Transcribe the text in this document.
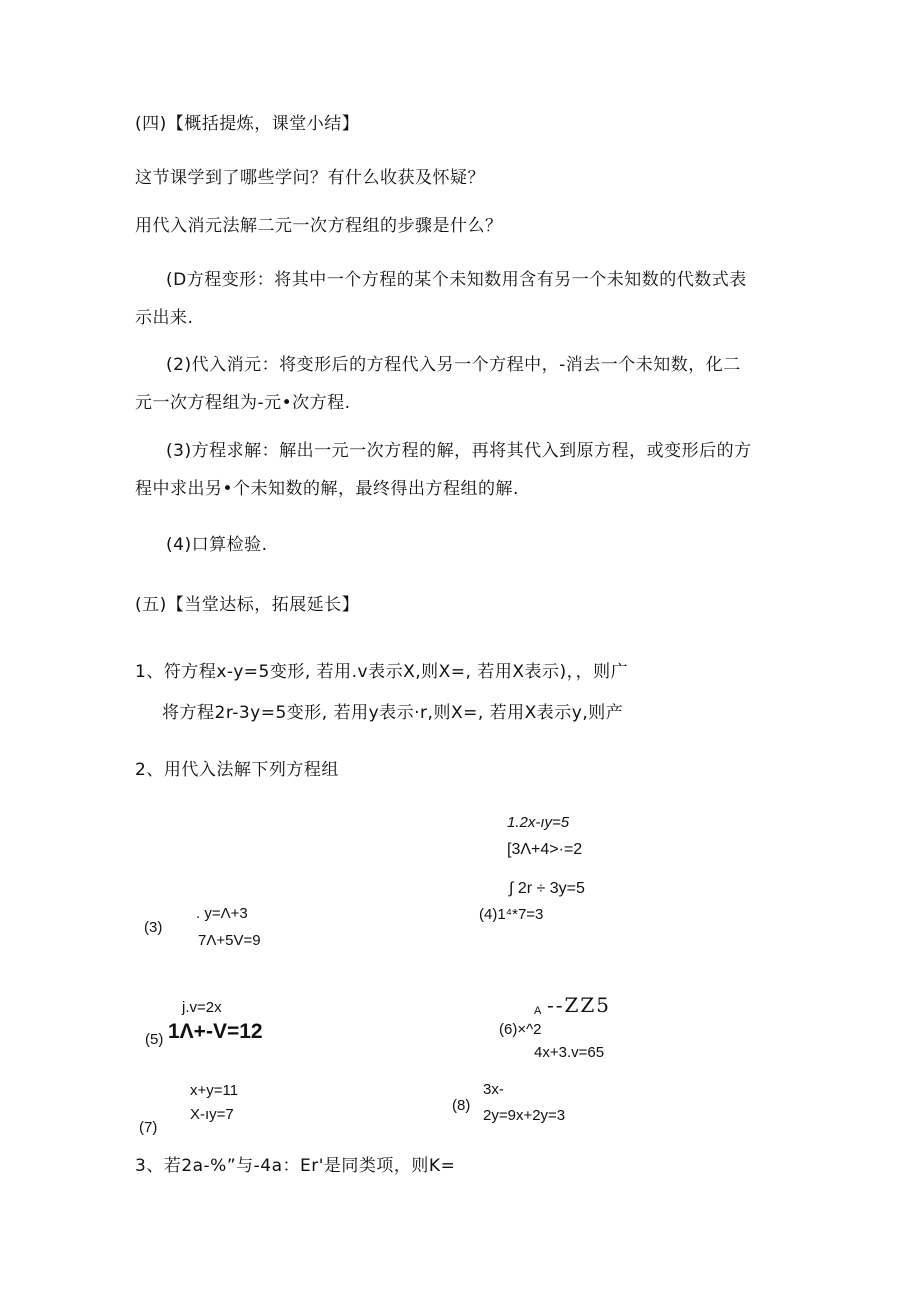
(四)【概括提炼，课堂小结】
这节课学到了哪些学问？有什么收获及怀疑？
用代入消元法解二元一次方程组的步骤是什么？
(D方程变形：将其中一个方程的某个未知数用含有另一个未知数的代数式表
示出来.
(2)代入消元：将变形后的方程代入另一个方程中，-消去一个未知数，化二
元一次方程组为-元•次方程.
(3)方程求解：解出一元一次方程的解，再将其代入到原方程，或变形后的方
程中求出另•个未知数的解，最终得出方程组的解.
(4)口算检验.
(五)【当堂达标，拓展延长】
1、符方程x-y=5变形, 若用.v表示X,则X=, 若用X表示)，，则广
将方程2r-3y=5变形, 若用y表示·r,则X=, 若用X表示y,则产
2、用代入法解下列方程组
1.2x-ıy=5
[3Λ+4>·=2
∫ 2r ÷ 3y=5
(3)
. y=Λ+3
7Λ+5V=9
(4)1⁴*7=3
j.v=2x
(5) 1Λ+-V=12
A --ZZ5
(6)×^2
4x+3.v=65
x+y=11
X-ıy=7
(7)
3x-
(8)
2y=9x+2y=3
3、若2a-%”与-4a：Er'是同类项，则K=
